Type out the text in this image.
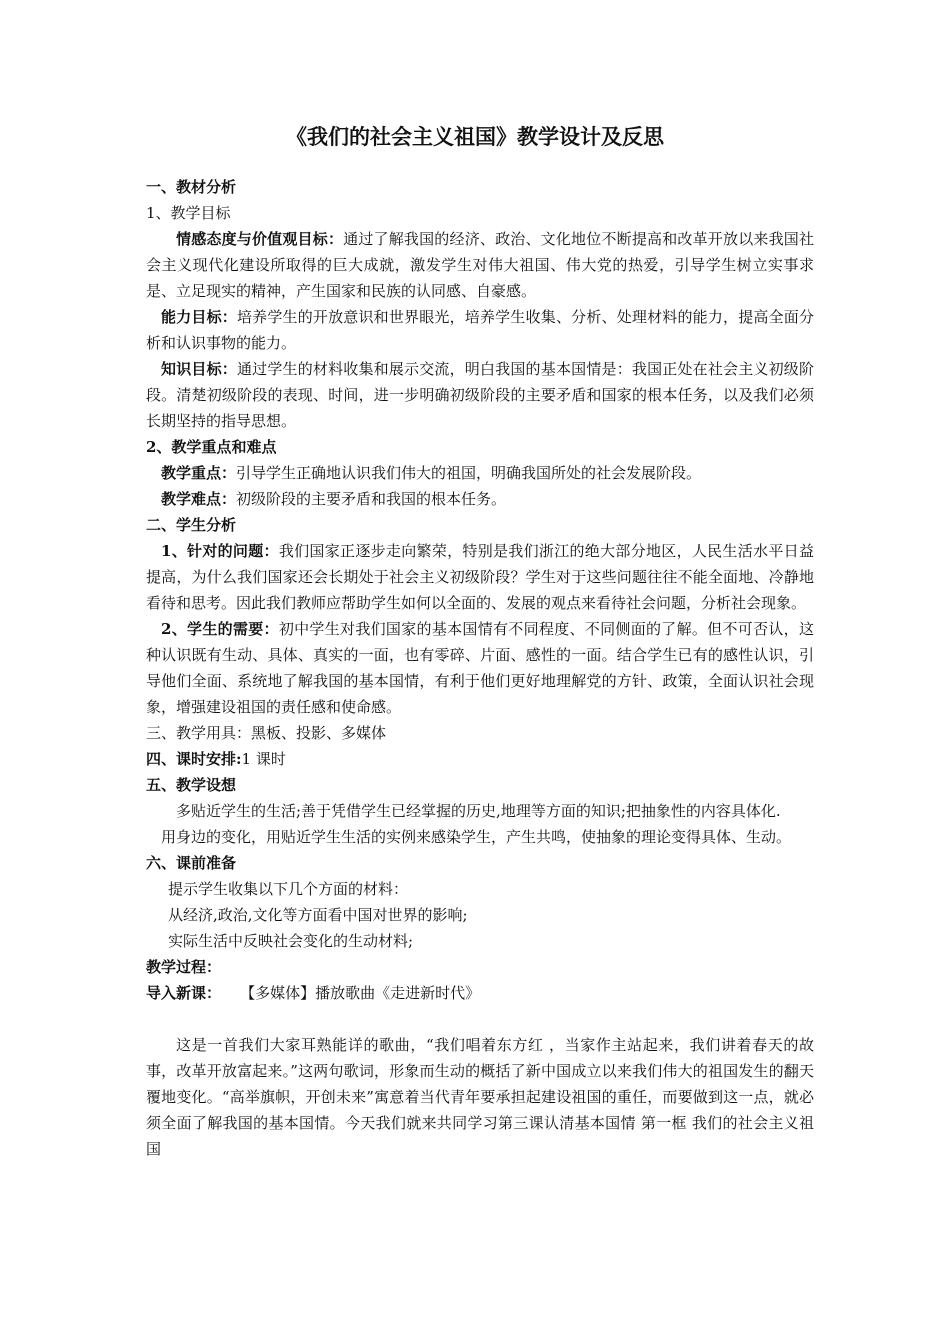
《我们的社会主义祖国》教学设计及反思

一、教材分析

1、教学目标

情感态度与价值观目标：通过了解我国的经济、政治、文化地位不断提高和改革开放以来我国社会主义现代化建设所取得的巨大成就，激发学生对伟大祖国、伟大党的热爱，引导学生树立实事求是、立足现实的精神，产生国家和民族的认同感、自豪感。

能力目标：培养学生的开放意识和世界眼光，培养学生收集、分析、处理材料的能力，提高全面分析和认识事物的能力。

知识目标：通过学生的材料收集和展示交流，明白我国的基本国情是：我国正处在社会主义初级阶段。清楚初级阶段的表现、时间，进一步明确初级阶段的主要矛盾和国家的根本任务，以及我们必须长期坚持的指导思想。

2、教学重点和难点

教学重点：引导学生正确地认识我们伟大的祖国，明确我国所处的社会发展阶段。

教学难点：初级阶段的主要矛盾和我国的根本任务。

二、学生分析

1、针对的问题：我们国家正逐步走向繁荣，特别是我们浙江的绝大部分地区，人民生活水平日益提高，为什么我们国家还会长期处于社会主义初级阶段？学生对于这些问题往往不能全面地、冷静地看待和思考。因此我们教师应帮助学生如何以全面的、发展的观点来看待社会问题，分析社会现象。

2、学生的需要：初中学生对我们国家的基本国情有不同程度、不同侧面的了解。但不可否认，这种认识既有生动、具体、真实的一面，也有零碎、片面、感性的一面。结合学生已有的感性认识，引导他们全面、系统地了解我国的基本国情，有利于他们更好地理解党的方针、政策，全面认识社会现象，增强建设祖国的责任感和使命感。

三、教学用具：黑板、投影、多媒体

四、课时安排:1 课时

五、教学设想

多贴近学生的生活;善于凭借学生已经掌握的历史,地理等方面的知识;把抽象性的内容具体化.

用身边的变化，用贴近学生生活的实例来感染学生，产生共鸣，使抽象的理论变得具体、生动。

六、课前准备

提示学生收集以下几个方面的材料：

从经济,政治,文化等方面看中国对世界的影响;

实际生活中反映社会变化的生动材料;

教学过程：

导入新课： 【多媒体】播放歌曲《走进新时代》

这是一首我们大家耳熟能详的歌曲，“我们唱着东方红 ，当家作主站起来，我们讲着春天的故事，改革开放富起来。”这两句歌词，形象而生动的概括了新中国成立以来我们伟大的祖国发生的翻天覆地变化。“高举旗帜，开创未来”寓意着当代青年要承担起建设祖国的重任，而要做到这一点，就必须全面了解我国的基本国情。今天我们就来共同学习第三课认清基本国情 第一框 我们的社会主义祖国
